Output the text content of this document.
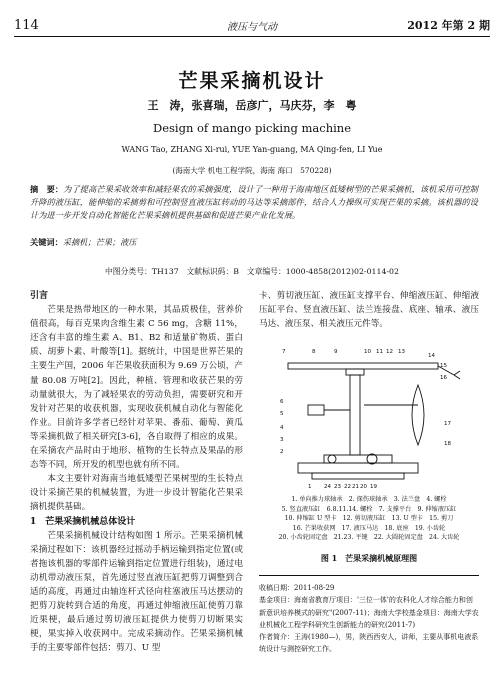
114	液压与气动	2012 年第 2 期
芒果采摘机设计
王　涛，张喜瑞，岳彦广，马庆芬，李　粤
Design of mango picking machine
WANG Tao, ZHANG Xi-rui, YUE Yan-guang, MA Qing-fen, LI Yue
(海南大学 机电工程学院，海南 海口　570228)
摘　要：为了提高芒果采收效率和减轻果农的采摘强度，设计了一种用于海南地区低矮树型的芒果采摘机，该机采用可控制升降的液压缸，能伸缩的采摘剪和可控制竖直液压缸转动的马达等采摘部件，结合人力操纵可实现芒果的采摘。该机器的设计为进一步开发自动化智能化芒果采摘机提供基础和促进芒果产业化发展。
关键词：采摘机；芒果；液压
中图分类号：TH137　文献标识码：B　文章编号：1000-4858(2012)02-0114-02
引言

芒果是热带地区的一种水果，其品质极佳，营养价值很高，每百克果肉含维生素 C 56 mg，含糖 11%，还含有丰富的维生素 A、B1、B2 和适量矿物质、蛋白质、胡萝卜素、叶酸等[1]。据统计，中国是世界芒果的主要生产国，2006 年芒果收获面积为 9.69 万公顷，产量 80.08 万吨[2]。因此，种植、管理和收获芒果的劳动量就很大，为了减轻果农的劳动负担，需要研究和开发针对芒果的收获机器，实现收获机械自动化与智能化作业。目前许多学者已经针对苹果、番茄、葡萄、黄瓜等采摘机做了相关研究[3-6]，各自取得了相应的成果。在采摘农产品时由于地形、植物的生长特点及果品的形态等不同，所开发的机型也就有所不同。

本文主要针对海南当地低矮型芒果树型的生长特点设计采摘芒果的机械装置，为进一步设计智能化芒果采摘机提供基础。

1　芒果采摘机械总体设计

芒果采摘机械设计结构如图 1 所示。芒果采摘机械采摘过程如下：该机器经过摇动手柄运输到指定位置(或者拖该机器的零部件运输到指定位置进行组装)，通过电动机带动液压泵，首先通过竖直液压缸把剪刀调整到合适的高度，再通过由轴连杆式径向柱塞液压马达摆动的把剪刀旋转到合适的角度，再通过伸缩液压缸使剪刀靠近果梗，最后通过剪切液压缸提供力使剪刀切断果实梗，果实掉入收获网中。完成采摘动作。芒果采摘机械手的主要零部件包括：剪刀、U 型

卡、剪切液压缸、液压缸支撑平台、伸缩液压缸、伸缩液压缸平台、竖直液压缸、法兰连接盘、底座、轴承、液压马达、液压泵、相关液压元件等。

1
2
3
4
5
6
7	8	9	10 11 12 13
14
15
16
17
18
19
20
21
22
23
24
1. 单向推力球轴承　2. 探伤球轴承　3. 法兰盘　4. 螺栓
5. 竖直液压缸　6.8.11.14. 螺栓　7. 支撑平台　9. 伸缩液压缸
10. 伸缩缸 U 型卡　12. 剪切液压缸　13. U 型卡　15. 剪刀
16. 芒果收获网　17. 液压马达　18. 底座　19. 小齿轮
20. 小齿轮固定盘　21.23. 平键　22. 大圆轮固定盘　24. 大齿轮
图 1　芒果采摘机械原理图

收稿日期：2011-08-29

基金项目：海南省教育厅项目：'三位一体'的农科化人才综合能力和创新意识培养模式的研究"(2007-11)；海南大学校基金项目：海南大学农业机械化工程学科研究生创新能力的研究(2011-7)

作者简介：王涛(1980—)，男，陕西西安人，讲师，主要从事机电液系统设计与测控研究工作。
